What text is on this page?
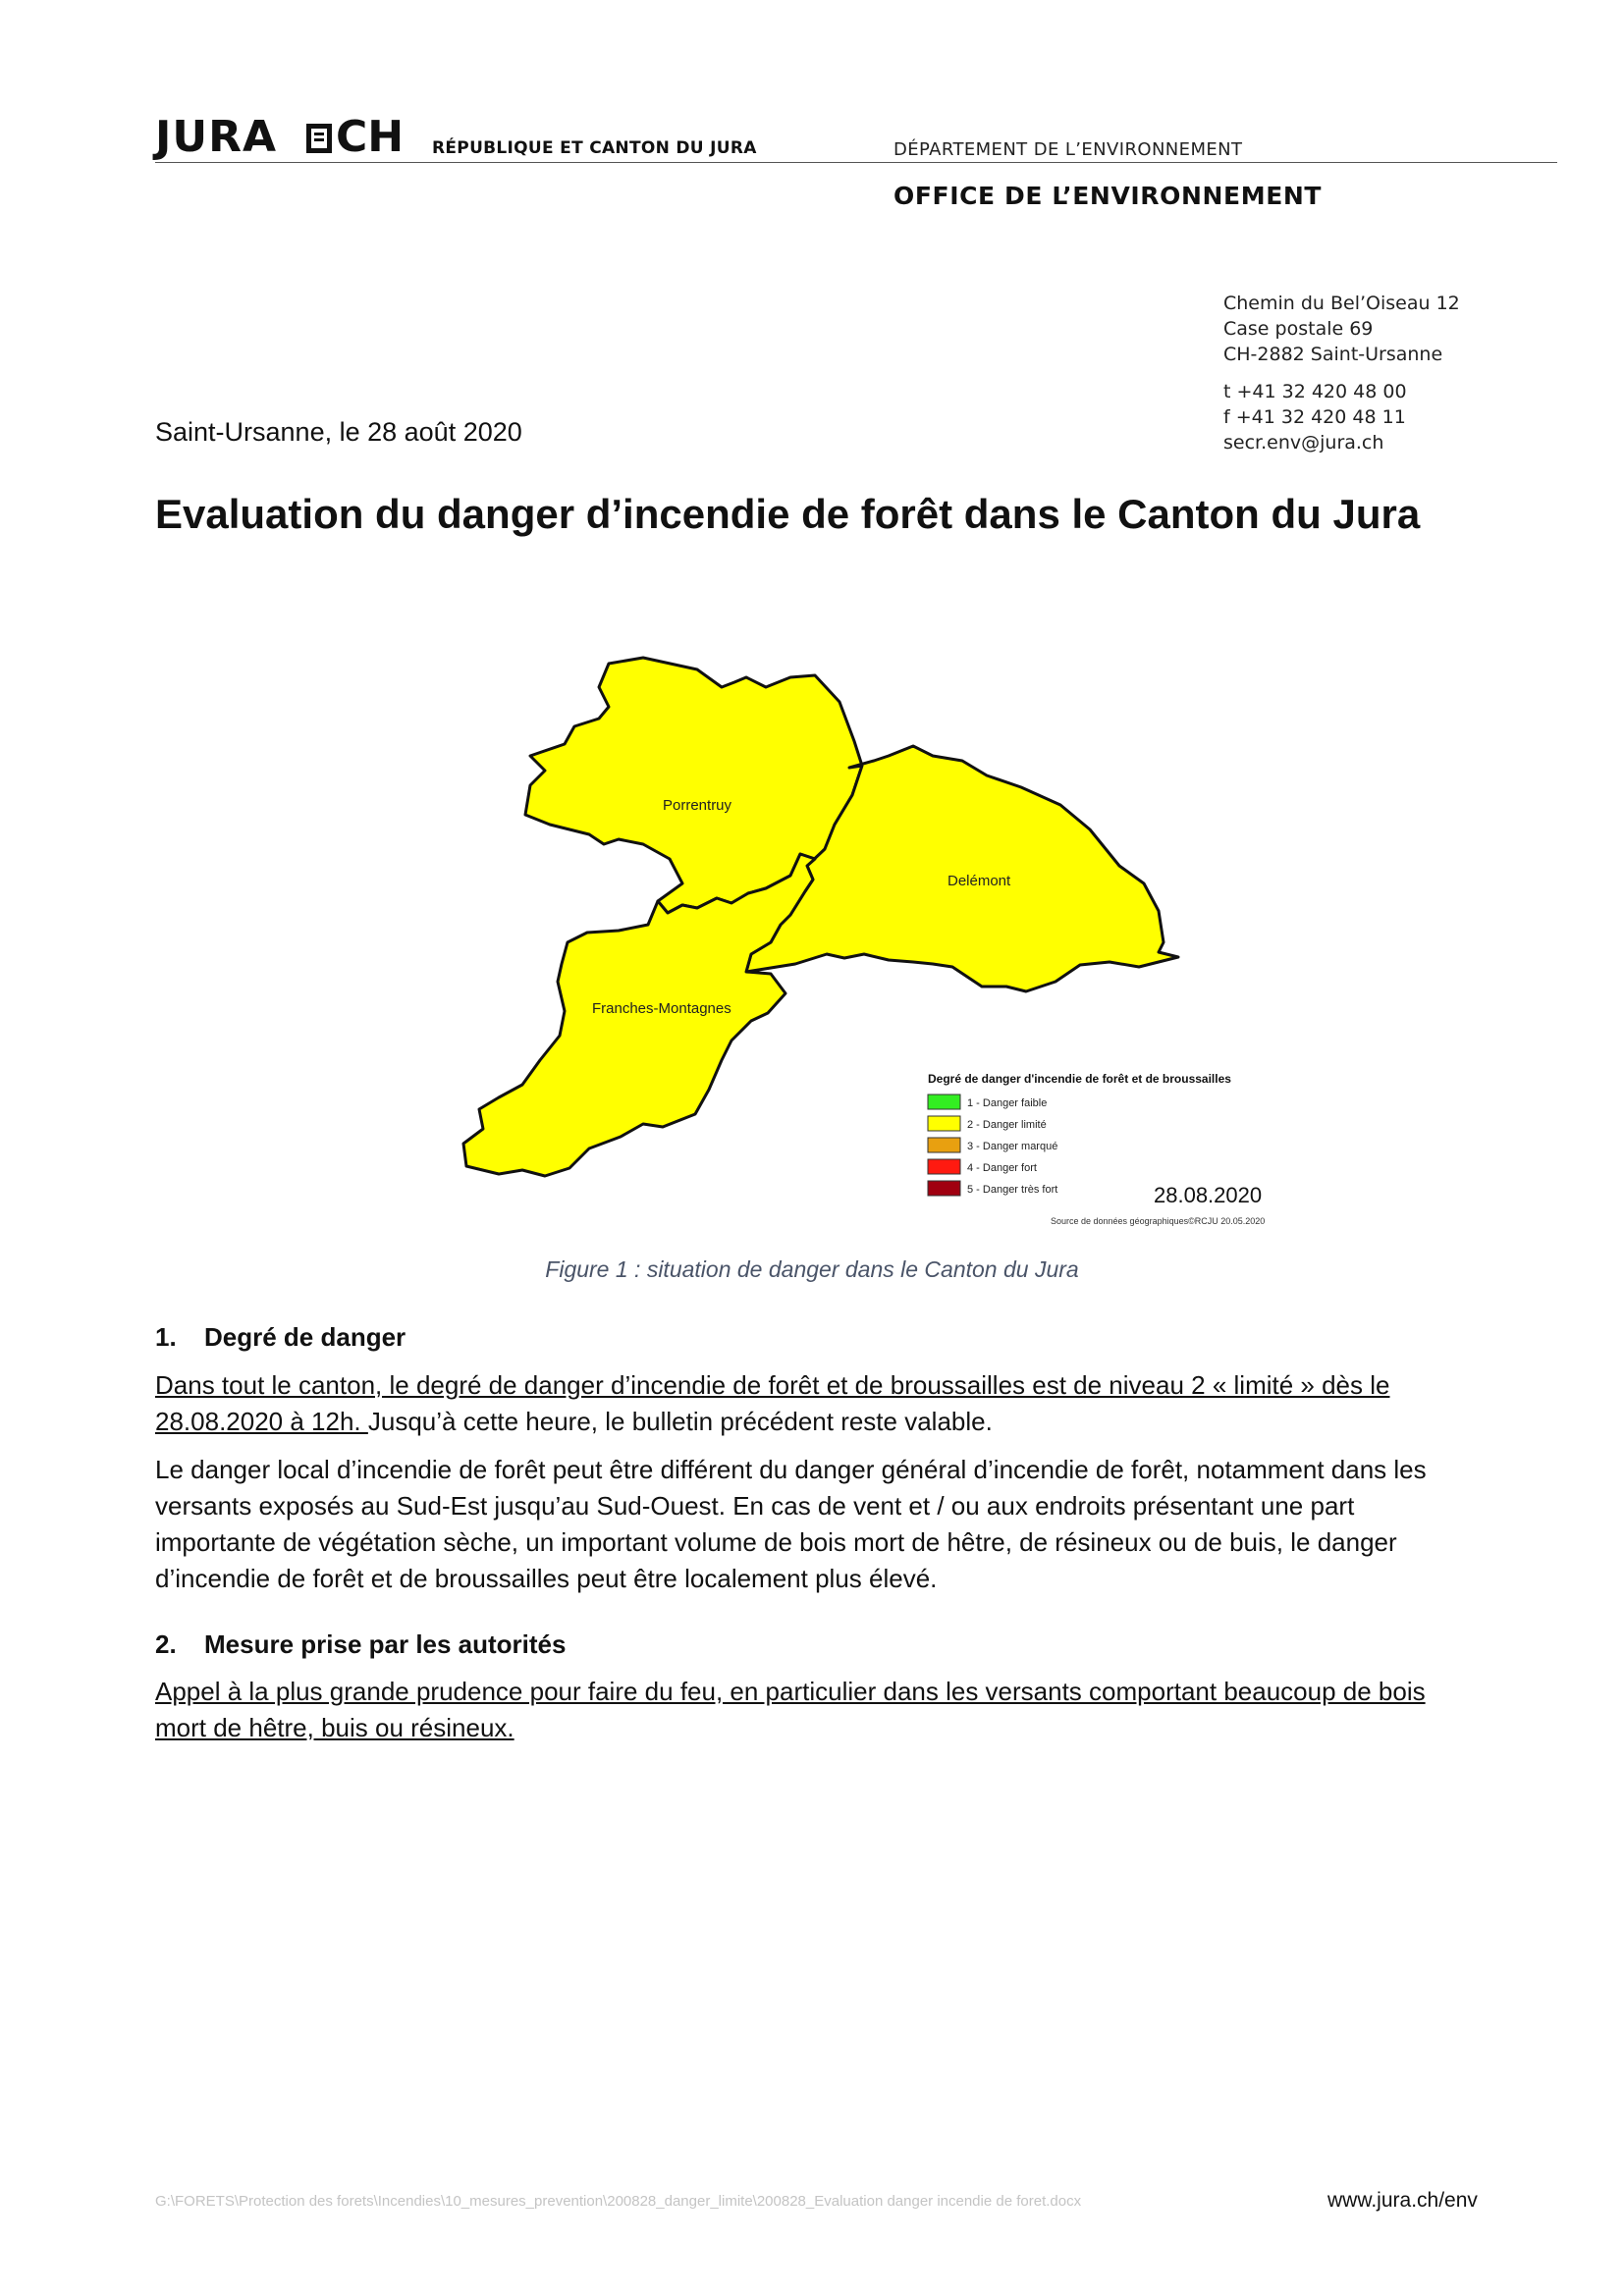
JURA CH RÉPUBLIQUE ET CANTON DU JURA	DÉPARTEMENT DE L’ENVIRONNEMENT
OFFICE DE L’ENVIRONNEMENT
Chemin du Bel’Oiseau 12
Case postale 69
CH-2882 Saint-Ursanne
t +41 32 420 48 00
f +41 32 420 48 11
secr.env@jura.ch
Saint-Ursanne, le 28 août 2020
Evaluation du danger d’incendie de forêt dans le Canton du Jura
Porrentruy
Delémont
Franches-Montagnes
Degré de danger d'incendie de forêt et de broussailles
1 - Danger faible
2 - Danger limité
3 - Danger marqué
4 - Danger fort
5 - Danger très fort	28.08.2020
Source de données géographiques©RCJU 20.05.2020
Figure 1 : situation de danger dans le Canton du Jura
1. Degré de danger
Dans tout le canton, le degré de danger d’incendie de forêt et de broussailles est de niveau 2 « limité » dès le 28.08.2020 à 12h. Jusqu’à cette heure, le bulletin précédent reste valable.
Le danger local d’incendie de forêt peut être différent du danger général d’incendie de forêt, notamment dans les versants exposés au Sud-Est jusqu’au Sud-Ouest. En cas de vent et / ou aux endroits présentant une part importante de végétation sèche, un important volume de bois mort de hêtre, de résineux ou de buis, le danger d’incendie de forêt et de broussailles peut être localement plus élevé.
2. Mesure prise par les autorités
Appel à la plus grande prudence pour faire du feu, en particulier dans les versants comportant beaucoup de bois mort de hêtre, buis ou résineux.
G:\FORETS\Protection des forets\Incendies\10_mesures_prevention\200828_danger_limite\200828_Evaluation danger incendie de foret.docx	www.jura.ch/env
